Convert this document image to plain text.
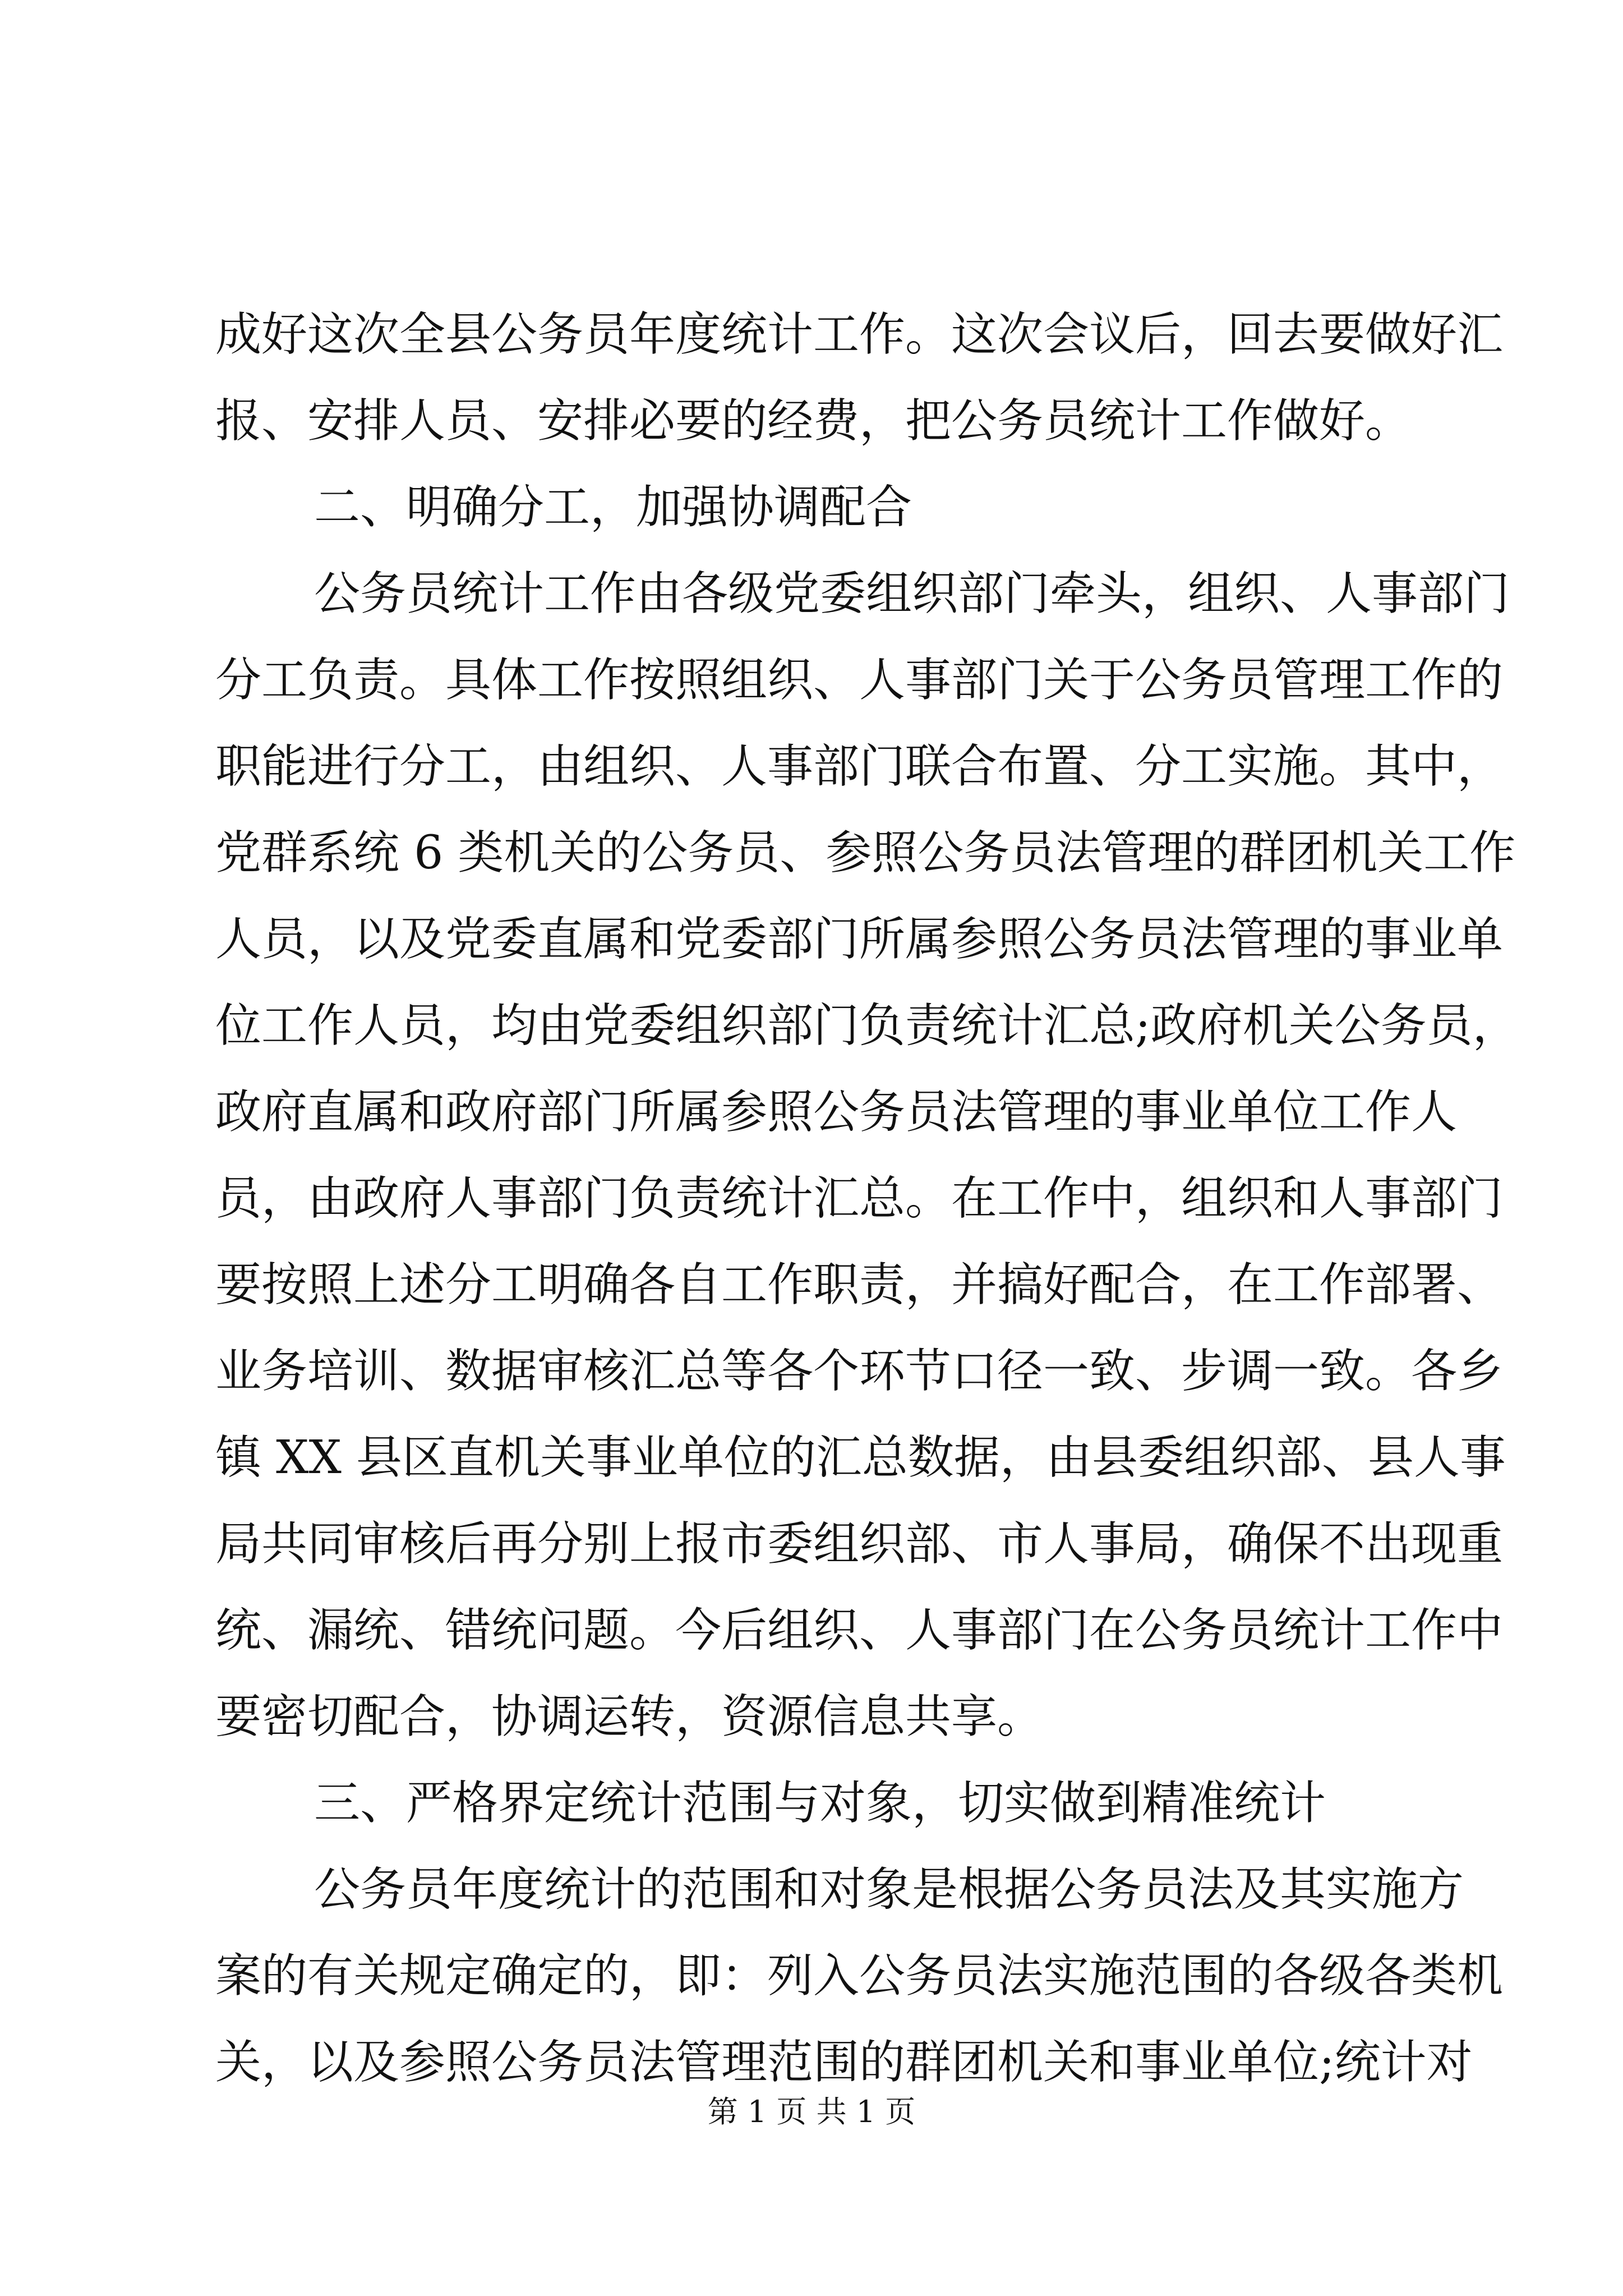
成好这次全县公务员年度统计工作。这次会议后，回去要做好汇
报、安排人员、安排必要的经费，把公务员统计工作做好。
二、明确分工，加强协调配合
公务员统计工作由各级党委组织部门牵头，组织、人事部门
分工负责。具体工作按照组织、人事部门关于公务员管理工作的
职能进行分工，由组织、人事部门联合布置、分工实施。其中，
党群系统 6 类机关的公务员、参照公务员法管理的群团机关工作
人员，以及党委直属和党委部门所属参照公务员法管理的事业单
位工作人员，均由党委组织部门负责统计汇总;政府机关公务员，
政府直属和政府部门所属参照公务员法管理的事业单位工作人
员，由政府人事部门负责统计汇总。在工作中，组织和人事部门
要按照上述分工明确各自工作职责，并搞好配合，在工作部署、
业务培训、数据审核汇总等各个环节口径一致、步调一致。各乡
镇 XX 县区直机关事业单位的汇总数据，由县委组织部、县人事
局共同审核后再分别上报市委组织部、市人事局，确保不出现重
统、漏统、错统问题。今后组织、人事部门在公务员统计工作中
要密切配合，协调运转，资源信息共享。
三、严格界定统计范围与对象，切实做到精准统计
公务员年度统计的范围和对象是根据公务员法及其实施方
案的有关规定确定的，即：列入公务员法实施范围的各级各类机
关，以及参照公务员法管理范围的群团机关和事业单位;统计对
第 1 页 共 1 页
